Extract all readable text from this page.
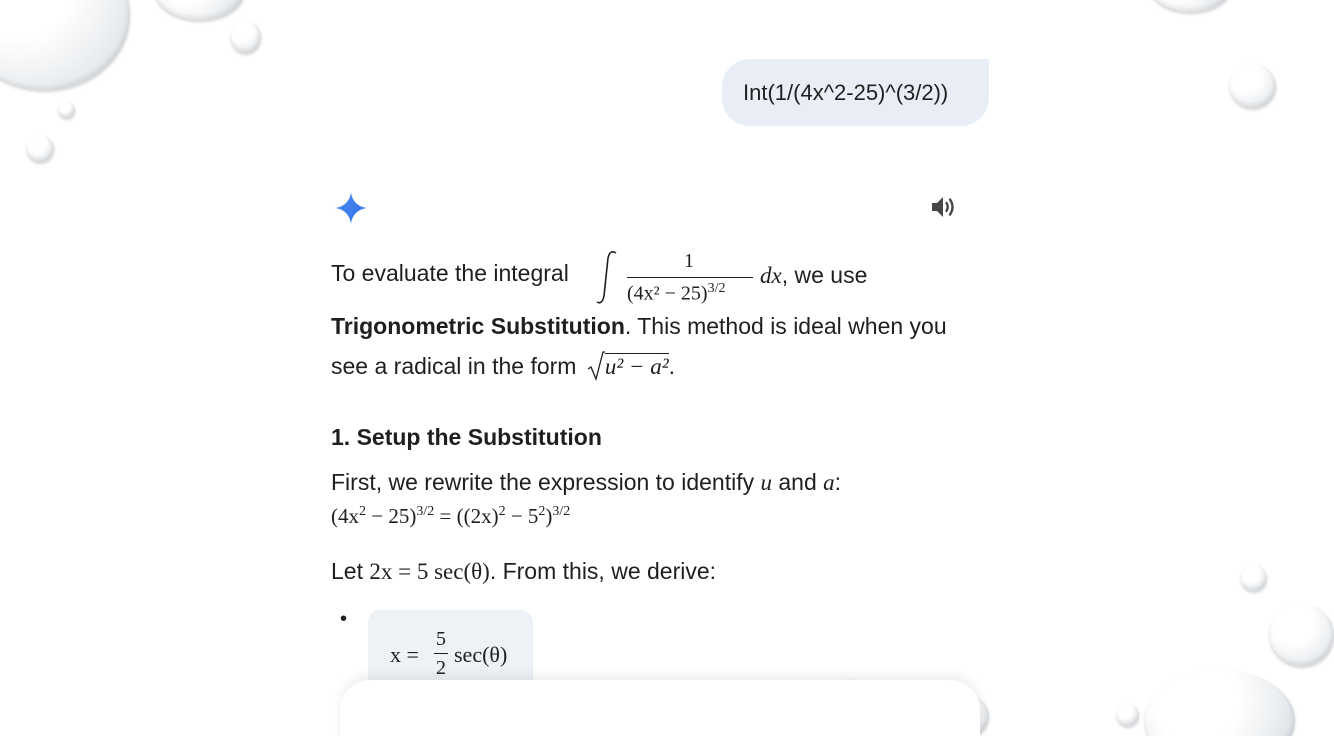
Int(1/(4x^2-25)^(3/2))
To evaluate the integral	1
$(4x^2 - 25)^{3/2}$
dx, we use
Trigonometric Substitution. This method is ideal when you
see a radical in the form u² − a².
1. Setup the Substitution
First, we rewrite the expression to identify u and a:
$(4x^2 - 25)^{3/2} = ((2x)^2 - 5^2)^{3/2}$
Let 2x = 5 sec(θ). From this, we derive:
•
x =
5
2
sec(θ)
